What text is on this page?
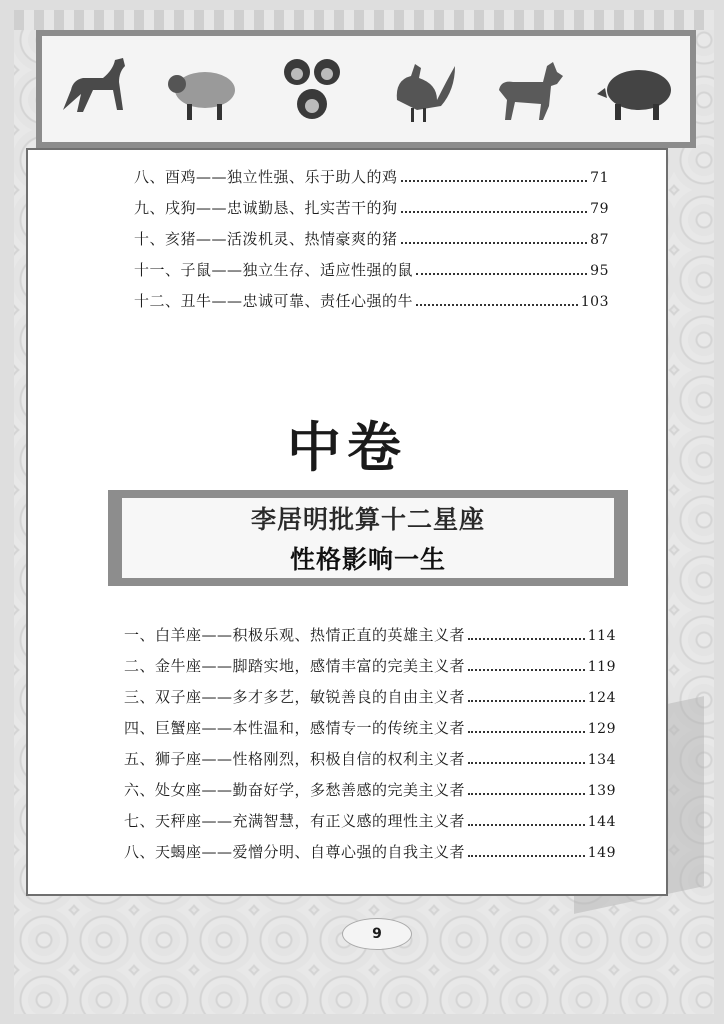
八、酉鸡——独立性强、乐于助人的鸡	71
九、戌狗——忠诚勤恳、扎实苦干的狗	79
十、亥猪——活泼机灵、热情豪爽的猪	87
十一、子鼠——独立生存、适应性强的鼠	95
十二、丑牛——忠诚可靠、责任心强的牛	103
中卷
李居明批算十二星座
性格影响一生
一、白羊座——积极乐观、热情正直的英雄主义者	114
二、金牛座——脚踏实地，感情丰富的完美主义者	119
三、双子座——多才多艺，敏锐善良的自由主义者	124
四、巨蟹座——本性温和，感情专一的传统主义者	129
五、狮子座——性格刚烈，积极自信的权利主义者	134
六、处女座——勤奋好学，多愁善感的完美主义者	139
七、天秤座——充满智慧，有正义感的理性主义者	144
八、天蝎座——爱憎分明、自尊心强的自我主义者	149
9
